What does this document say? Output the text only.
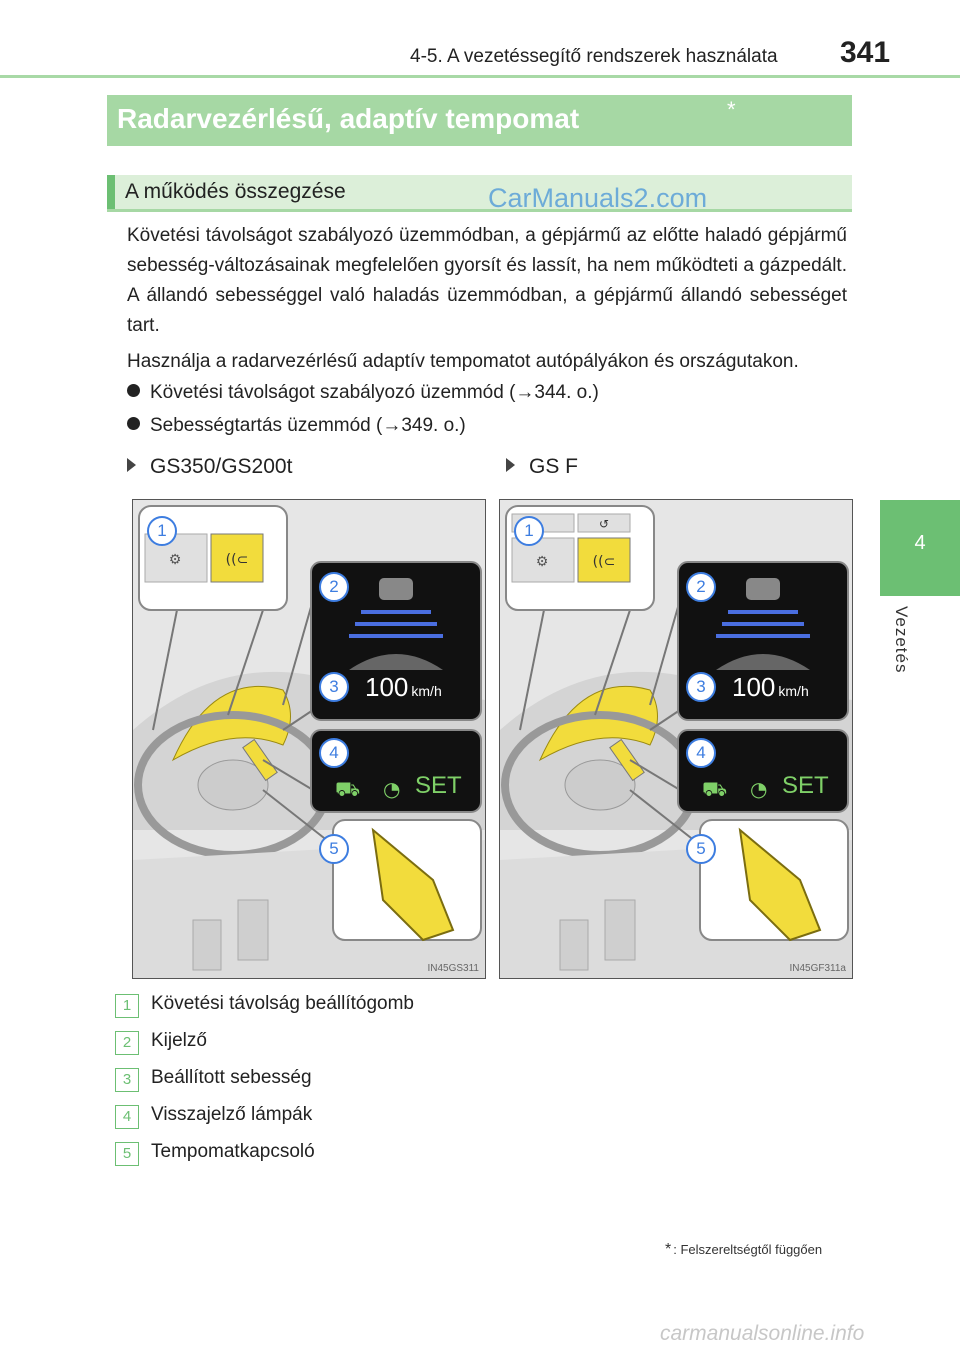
4-5. A vezetéssegítő rendszerek használata 341
4
Vezetés
Radarvezérlésű, adaptív tempomat	*
A működés összegzése	CarManuals2.com
Követési távolságot szabályozó üzemmódban, a gépjármű az előtte haladó gépjármű sebesség-változásainak megfelelően gyorsít és lassít, ha nem működteti a gázpedált. A állandó sebességgel való haladás üzemmódban, a gépjármű állandó sebességet tart.
Használja a radarvezérlésű adaptív tempomatot autópályákon és országutakon.
Követési távolságot szabályozó üzemmód (→344. o.)
Sebességtartás üzemmód (→349. o.)
GS350/GS200t	GS F
⚙	((⊂
⛟ ◔
1
2
3
4
5
100 km/h
SET
IN45GS311
⚙	((⊂
↺
⛟ ◔
1
2
3
4
5
100 km/h
SET
IN45GF311a
1	Követési távolság beállítógomb
2	Kijelző
3	Beállított sebesség
4	Visszajelző lámpák
5	Tempomatkapcsoló
* : Felszereltségtől függően
carmanualsonline.info
